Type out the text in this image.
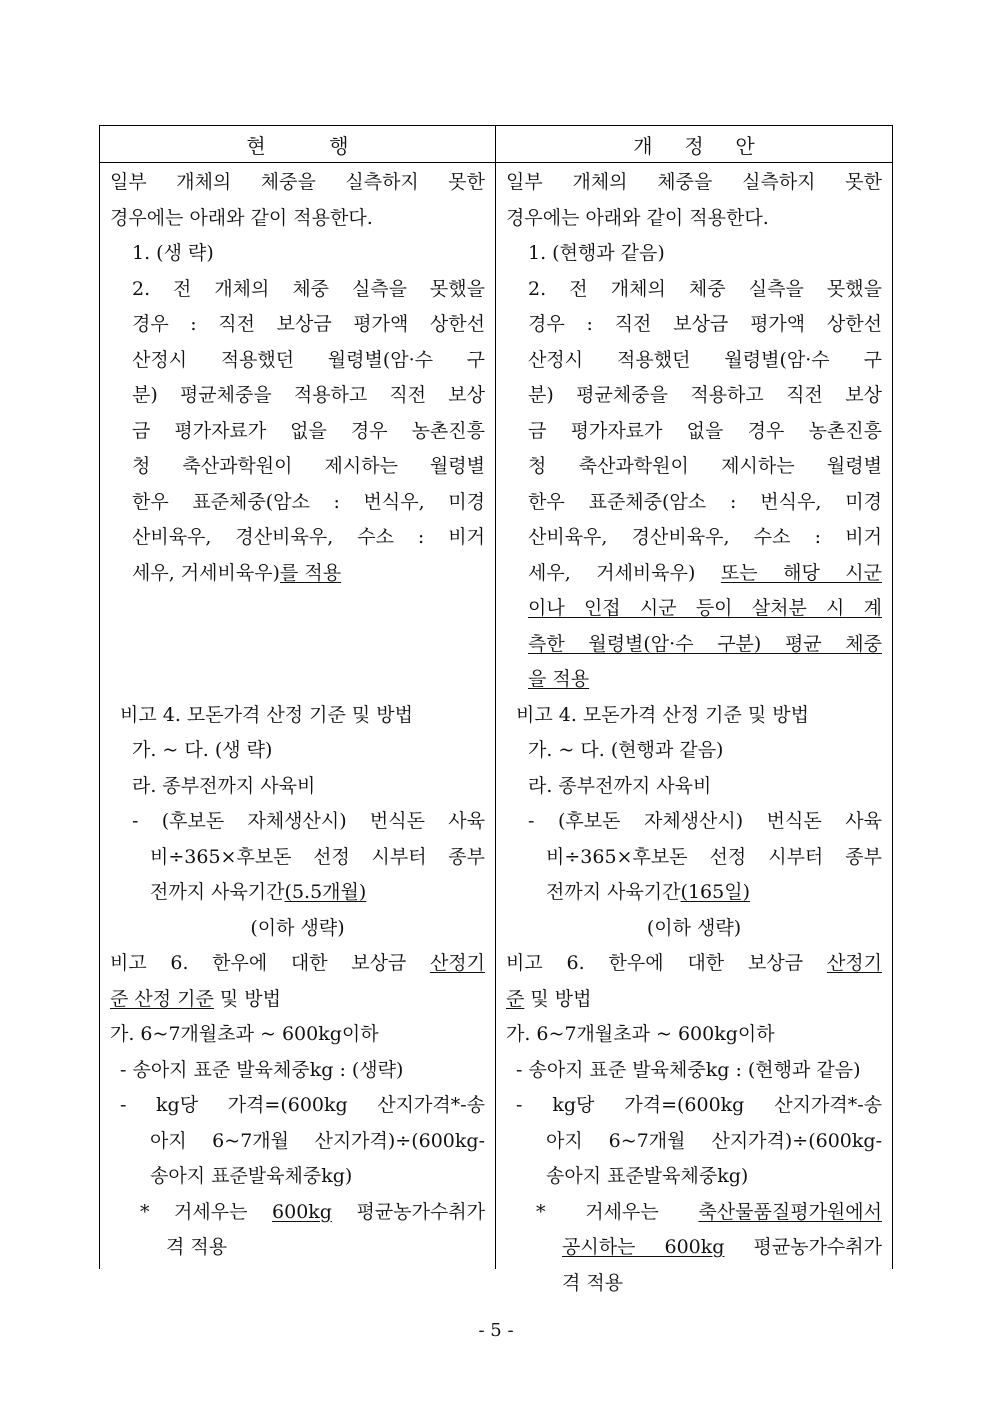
현          행
일부 개체의 체중을 실측하지 못한
경우에는 아래와 같이 적용한다.
1. (생 략)
2. 전 개체의 체중 실측을 못했을
경우 : 직전 보상금 평가액 상한선
산정시 적용했던 월령별(암·수 구
분) 평균체중을 적용하고 직전 보상
금 평가자료가 없을 경우 농촌진흥
청 축산과학원이 제시하는 월령별
한우 표준체중(암소 : 번식우, 미경
산비육우, 경산비육우, 수소 : 비거
세우, 거세비육우)를 적용
비고 4. 모돈가격 산정 기준 및 방법
가. ~ 다. (생 략)
라. 종부전까지 사육비
- (후보돈 자체생산시) 번식돈 사육
비÷365×후보돈 선정 시부터 종부
전까지 사육기간(5.5개월)
(이하 생략)
비고 6. 한우에 대한 보상금 산정기
준 산정 기준 및 방법
가. 6~7개월초과 ~ 600kg이하
- 송아지 표준 발육체중kg : (생략)
- kg당 가격=(600kg 산지가격*-송
아지 6~7개월 산지가격)÷(600kg-
송아지 표준발육체중kg)
* 거세우는 600kg 평균농가수취가
격 적용
개     정     안
일부 개체의 체중을 실측하지 못한
경우에는 아래와 같이 적용한다.
1. (현행과 같음)
2. 전 개체의 체중 실측을 못했을
경우 : 직전 보상금 평가액 상한선
산정시 적용했던 월령별(암·수 구
분) 평균체중을 적용하고 직전 보상
금 평가자료가 없을 경우 농촌진흥
청 축산과학원이 제시하는 월령별
한우 표준체중(암소 : 번식우, 미경
산비육우, 경산비육우, 수소 : 비거
세우, 거세비육우) 또는 해당 시군
이나 인접 시군 등이 살처분 시 계
측한 월령별(암·수 구분) 평균 체중
을 적용
비고 4. 모돈가격 산정 기준 및 방법
가. ~ 다. (현행과 같음)
라. 종부전까지 사육비
- (후보돈 자체생산시) 번식돈 사육
비÷365×후보돈 선정 시부터 종부
전까지 사육기간(165일)
(이하 생략)
비고 6. 한우에 대한 보상금 산정기
준 및 방법
가. 6~7개월초과 ~ 600kg이하
- 송아지 표준 발육체중kg : (현행과 같음)
- kg당 가격=(600kg 산지가격*-송
아지 6~7개월 산지가격)÷(600kg-
송아지 표준발육체중kg)
* 거세우는 축산물품질평가원에서
공시하는 600kg 평균농가수취가
격 적용
- 5 -
